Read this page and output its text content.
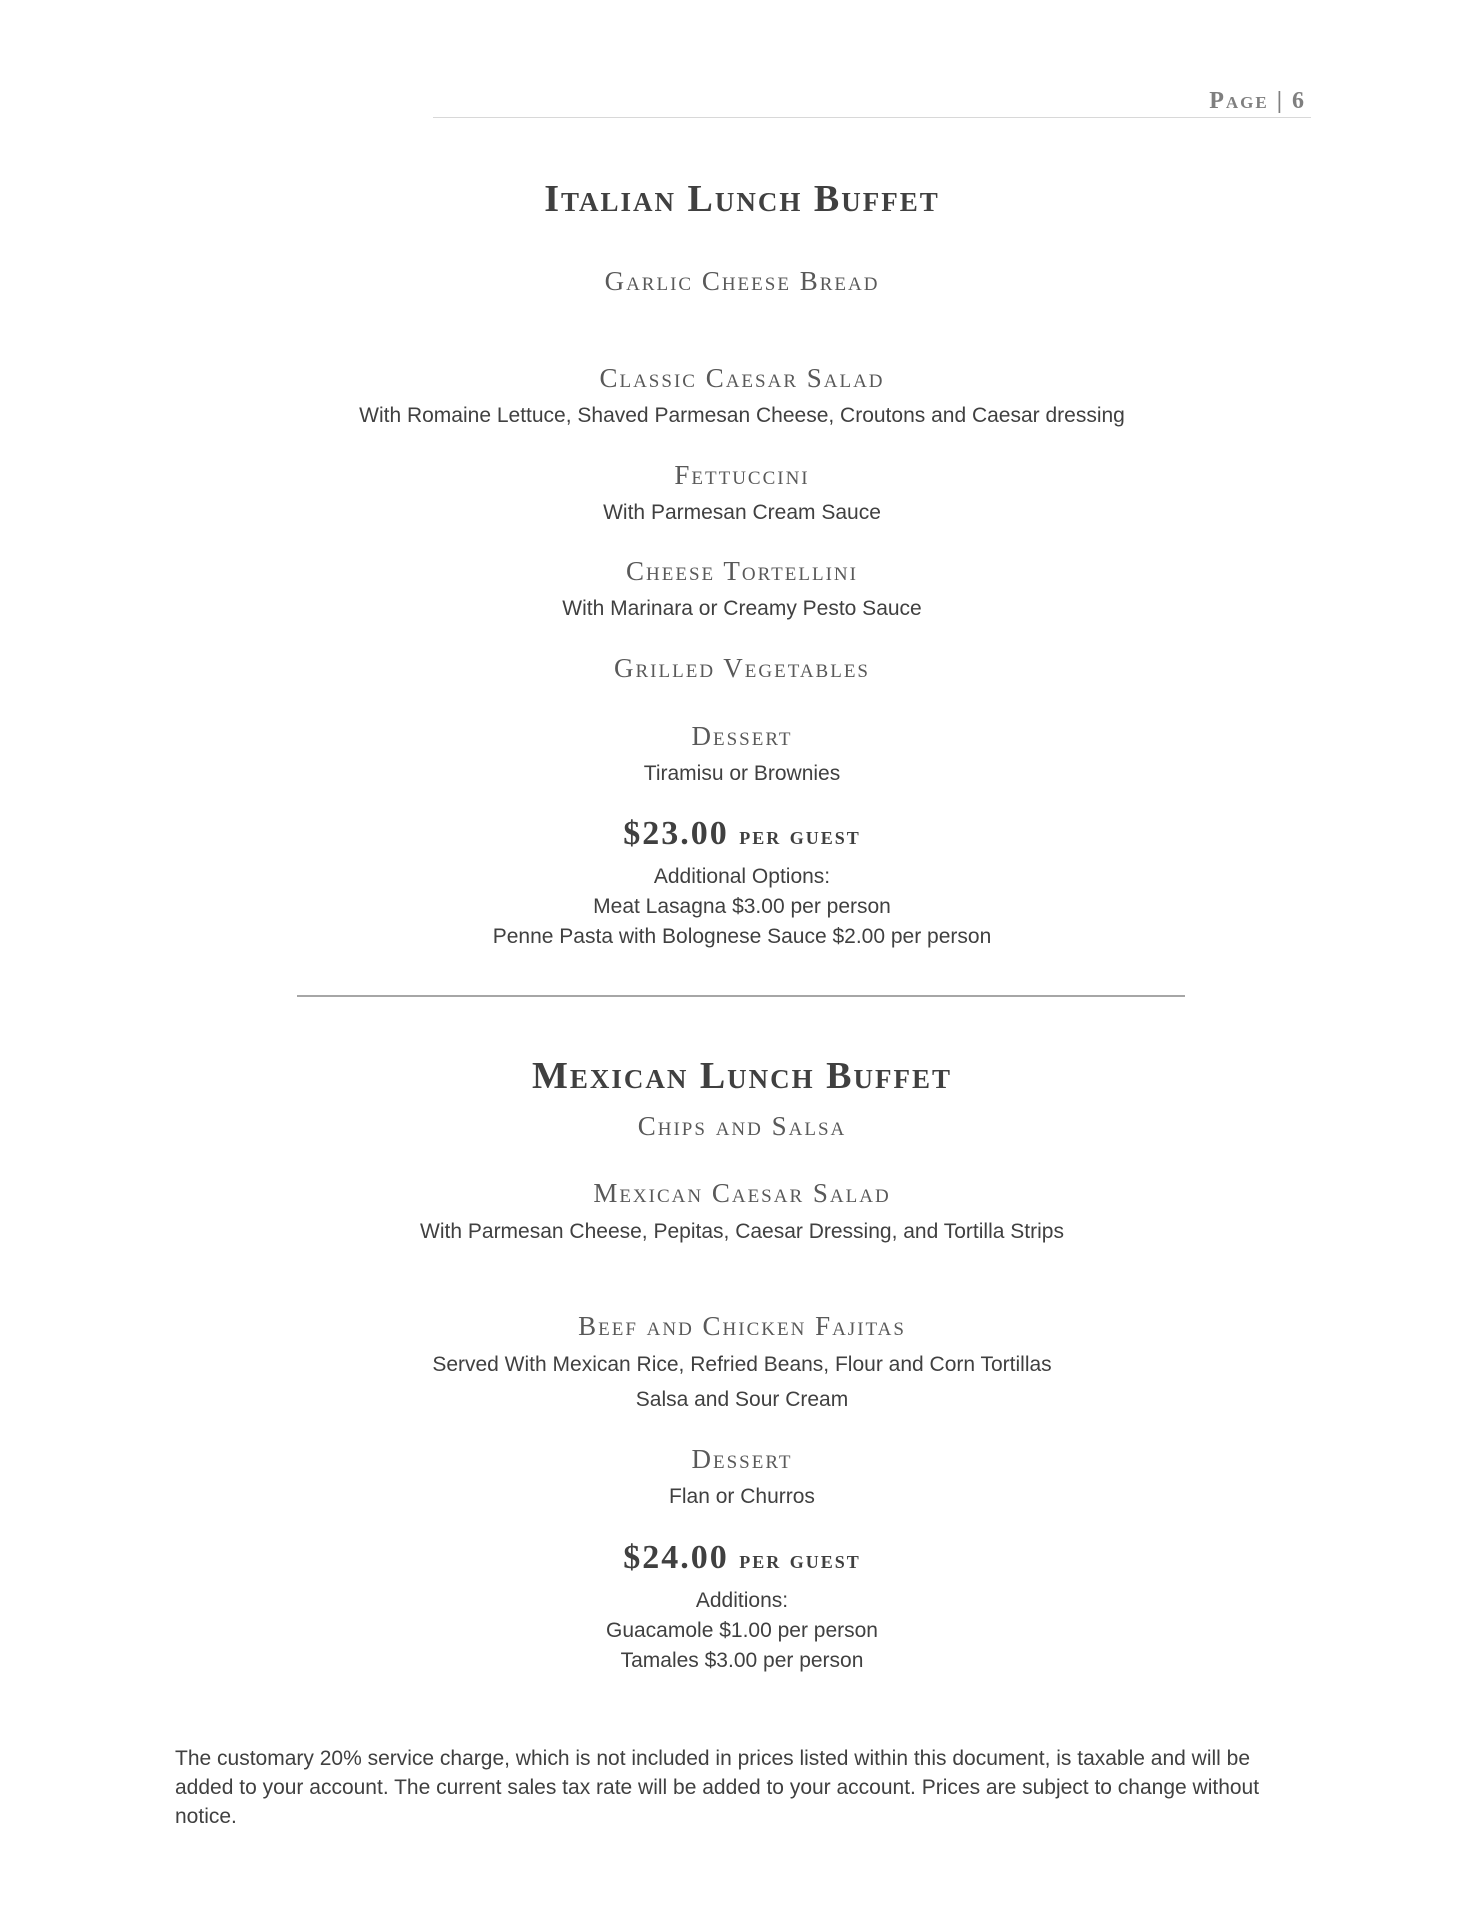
Page | 6
Italian Lunch Buffet
Garlic Cheese Bread
Classic Caesar Salad
With Romaine Lettuce, Shaved Parmesan Cheese, Croutons and Caesar dressing
Fettuccini
With Parmesan Cream Sauce
Cheese Tortellini
With Marinara or Creamy Pesto Sauce
Grilled Vegetables
Dessert
Tiramisu or Brownies
$23.00 per guest
Additional Options:
Meat Lasagna $3.00 per person
Penne Pasta with Bolognese Sauce $2.00 per person
Mexican Lunch Buffet
Chips and Salsa
Mexican Caesar Salad
With Parmesan Cheese, Pepitas, Caesar Dressing, and Tortilla Strips
Beef and Chicken Fajitas
Served With Mexican Rice, Refried Beans, Flour and Corn Tortillas
Salsa and Sour Cream
Dessert
Flan or Churros
$24.00 per guest
Additions:
Guacamole $1.00 per person
Tamales $3.00 per person
The customary 20% service charge, which is not included in prices listed within this document, is taxable and will be added to your account. The current sales tax rate will be added to your account. Prices are subject to change without notice.
